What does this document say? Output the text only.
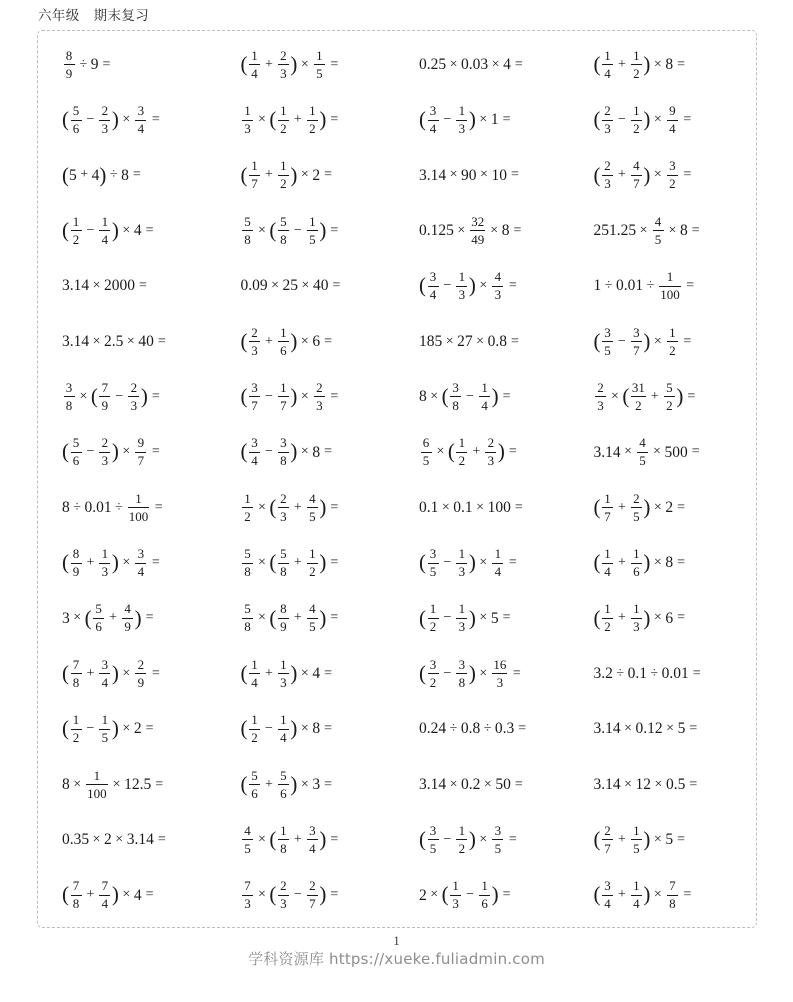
六年级　期末复习
$\frac{8}{9} \div 9$ =	( $\frac{1}{4} + \frac{2}{3}$ ) × $\frac{1}{5}$ =	0.25 × 0.03 × 4 =	( $\frac{1}{4} + \frac{1}{2}$ ) × 8 =
( $\frac{5}{6} - \frac{2}{3}$ ) × $\frac{3}{4}$ =	$\frac{1}{3}$ × ( $\frac{1}{2} + \frac{1}{2}$ ) =	( $\frac{3}{4} - \frac{1}{3}$ ) × 1 =	( $\frac{2}{3} - \frac{1}{2}$ ) × $\frac{9}{4}$ =
( 5 + 4 ) ÷ 8 =	( $\frac{1}{7} + \frac{1}{2}$ ) × 2 =	3.14 × 90 × 10 =	( $\frac{2}{3} + \frac{4}{7}$ ) × $\frac{3}{2}$ =
( $\frac{1}{2} - \frac{1}{4}$ ) × 4 =	$\frac{5}{8}$ × ( $\frac{5}{8} - \frac{1}{5}$ ) =	$0.125 \times \frac{32}{49} \times 8$ =	$251.25 \times \frac{4}{5} \times 8$ =
3.14 × 2000 =	0.09 × 25 × 40 =	( $\frac{3}{4} - \frac{1}{3}$ ) × $\frac{4}{3}$ =	$1 \div 0.01 \div \frac{1}{100}$ =
3.14 × 2.5 × 40 =	( $\frac{2}{3} + \frac{1}{6}$ ) × 6 =	185 × 27 × 0.8 =	( $\frac{3}{5} - \frac{3}{7}$ ) × $\frac{1}{2}$ =
$\frac{3}{8}$ × ( $\frac{7}{9} - \frac{2}{3}$ ) =	( $\frac{3}{7} - \frac{1}{7}$ ) × $\frac{2}{3}$ =	8 × ( $\frac{3}{8} - \frac{1}{4}$ ) =	$\frac{2}{3}$ × ( $\frac{31}{2} + \frac{5}{2}$ ) =
( $\frac{5}{6} - \frac{2}{3}$ ) × $\frac{9}{7}$ =	( $\frac{3}{4} - \frac{3}{8}$ ) × 8 =	$\frac{6}{5}$ × ( $\frac{1}{2} + \frac{2}{3}$ ) =	$3.14 \times \frac{4}{5} \times 500$ =
$8 \div 0.01 \div \frac{1}{100}$ =	$\frac{1}{2}$ × ( $\frac{2}{3} + \frac{4}{5}$ ) =	0.1 × 0.1 × 100 =	( $\frac{1}{7} + \frac{2}{5}$ ) × 2 =
( $\frac{8}{9} + \frac{1}{3}$ ) × $\frac{3}{4}$ =	$\frac{5}{8}$ × ( $\frac{5}{8} + \frac{1}{2}$ ) =	( $\frac{3}{5} - \frac{1}{3}$ ) × $\frac{1}{4}$ =	( $\frac{1}{4} + \frac{1}{6}$ ) × 8 =
3 × ( $\frac{5}{6} + \frac{4}{9}$ ) =	$\frac{5}{8}$ × ( $\frac{8}{9} + \frac{4}{5}$ ) =	( $\frac{1}{2} - \frac{1}{3}$ ) × 5 =	( $\frac{1}{2} + \frac{1}{3}$ ) × 6 =
( $\frac{7}{8} + \frac{3}{4}$ ) × $\frac{2}{9}$ =	( $\frac{1}{4} + \frac{1}{3}$ ) × 4 =	( $\frac{3}{2} - \frac{3}{8}$ ) × $\frac{16}{3}$ =	3.2 ÷ 0.1 ÷ 0.01 =
( $\frac{1}{2} - \frac{1}{5}$ ) × 2 =	( $\frac{1}{2} - \frac{1}{4}$ ) × 8 =	0.24 ÷ 0.8 ÷ 0.3 =	3.14 × 0.12 × 5 =
$8 \times \frac{1}{100} \times 12.5$ =	( $\frac{5}{6} + \frac{5}{6}$ ) × 3 =	3.14 × 0.2 × 50 =	3.14 × 12 × 0.5 =
0.35 × 2 × 3.14 =	$\frac{4}{5}$ × ( $\frac{1}{8} + \frac{3}{4}$ ) =	( $\frac{3}{5} - \frac{1}{2}$ ) × $\frac{3}{5}$ =	( $\frac{2}{7} + \frac{1}{5}$ ) × 5 =
( $\frac{7}{8} + \frac{7}{4}$ ) × 4 =	$\frac{7}{3}$ × ( $\frac{2}{3} - \frac{2}{7}$ ) =	2 × ( $\frac{1}{3} - \frac{1}{6}$ ) =	( $\frac{3}{4} + \frac{1}{4}$ ) × $\frac{7}{8}$ =
1
学科资源库 https://xueke.fuliadmin.com
